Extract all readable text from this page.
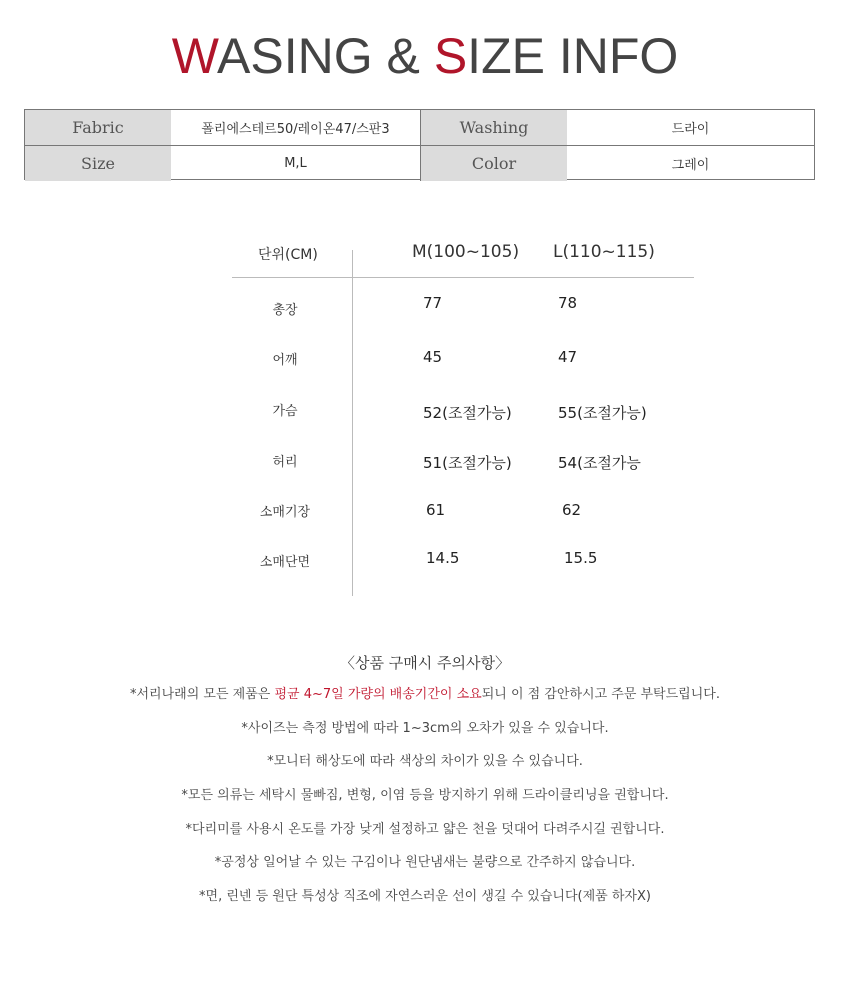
WASING & SIZE INFO
Fabric	폴리에스테르50/레이온47/스판3	Washing	드라이
Size	M,L	Color	그레이
단위(CM)	M(100~105) L(110~115)
총장	77	78
어깨	45	47
가슴	52(조절가능)	55(조절가능)
허리	51(조절가능)	54(조절가능
소매기장	61	62
소매단면	14.5	15.5
〈상품 구매시 주의사항〉
*서리나래의 모든 제품은 평균 4~7일 가량의 배송기간이 소요되니 이 점 감안하시고 주문 부탁드립니다.
*사이즈는 측정 방법에 따라 1~3cm의 오차가 있을 수 있습니다.
*모니터 해상도에 따라 색상의 차이가 있을 수 있습니다.
*모든 의류는 세탁시 물빠짐, 변형, 이염 등을 방지하기 위해 드라이클리닝을 권합니다.
*다리미를 사용시 온도를 가장 낮게 설정하고 얇은 천을 덧대어 다려주시길 권합니다.
*공정상 일어날 수 있는 구김이나 원단냄새는 불량으로 간주하지 않습니다.
*면, 린넨 등 원단 특성상 직조에 자연스러운 선이 생길 수 있습니다(제품 하자X)
